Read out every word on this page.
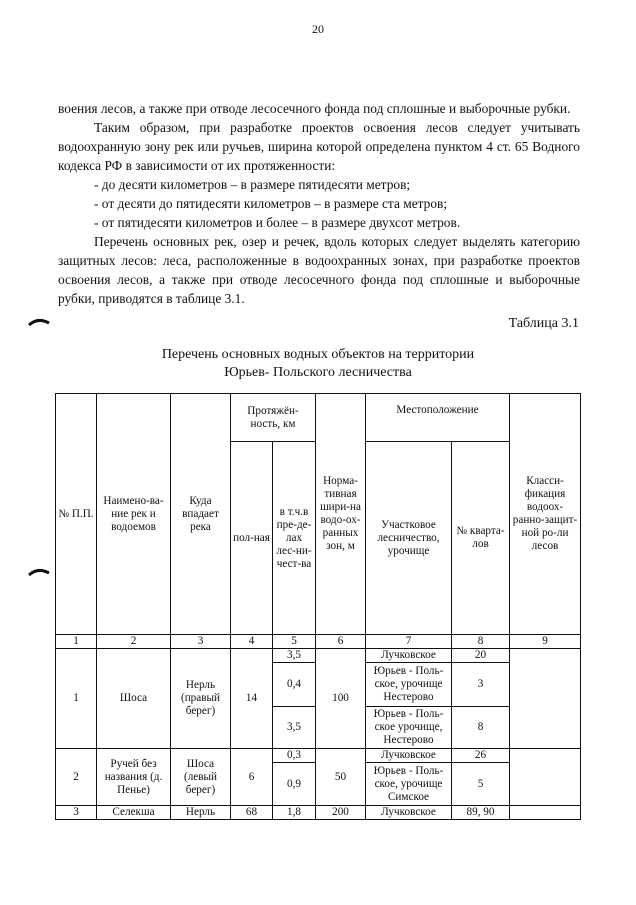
20

воения лесов, а также при отводе лесосечного фонда под сплошные и выборочные рубки.

Таким образом, при разработке проектов освоения лесов следует учитывать водоохранную зону рек или ручьев, ширина которой определена пунктом 4 ст. 65 Водного кодекса РФ в зависимости от их протяженности:

- до десяти километров – в размере пятидесяти метров;

- от десяти до пятидесяти километров – в размере ста метров;

- от пятидесяти километров и более – в размере двухсот метров.

Перечень основных рек, озер и речек, вдоль которых следует выделять категорию защитных лесов: леса, расположенные в водоохранных зонах, при разработке проектов освоения лесов, а также при отводе лесосечного фонда под сплошные и выборочные рубки, приводятся в таблице 3.1.

Таблица 3.1
Перечень основных водных объектов на территории
Юрьев- Польского лесничества
№ П.П.	Наимено-ва-ние рек и водоемов	Куда впадает река	Протяжён-ность, км		Норма-тивная шири-на водо-ох-ранных зон, м	Местоположение		Класси-фикация водоох-ранно-защит-ной ро-ли лесов
			пол-ная	в т.ч.в пре-де-лах лес-ни-чест-ва		Участковое лесничество, урочище	№ кварта-лов	
1	2	3	4	5	6	7	8	9
1	Шоса	Нерль (правый берег)	14	3,5	100	Лучковское	20	
				0,4		Юрьев - Поль-ское, урочище Нестерово	3	
				3,5		Юрьев - Поль-ское урочище, Нестерово	8	
2	Ручей без названия (д. Пенье)	Шоса (левый берег)	6	0,3	50	Лучковское	26	
				0,9		Юрьев - Поль-ское, урочище Симское	5	
3	Селекша	Нерль	68	1,8	200	Лучковское	89, 90	
